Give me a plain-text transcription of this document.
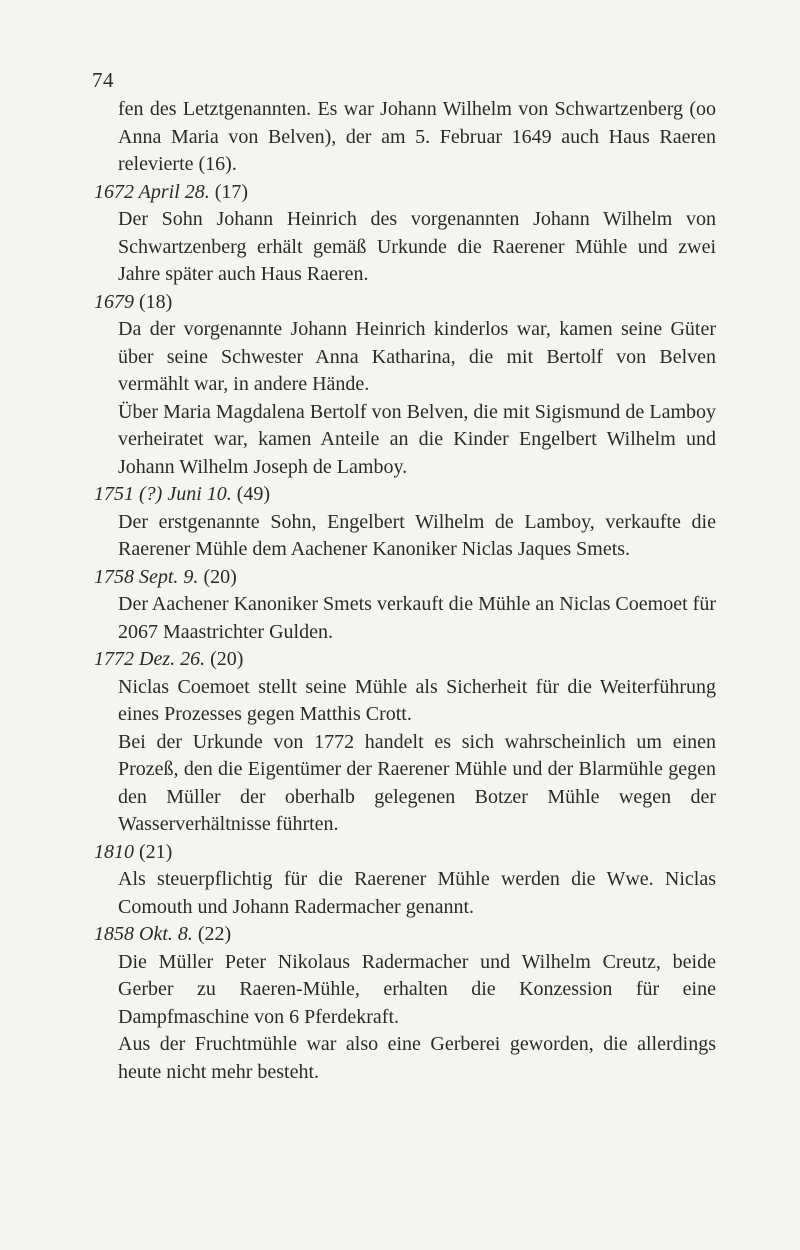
74

fen des Letztgenannten. Es war Johann Wilhelm von Schwartzenberg (oo Anna Maria von Belven), der am 5. Februar 1649 auch Haus Raeren relevierte (16).

1672 April 28. (17)

Der Sohn Johann Heinrich des vorgenannten Johann Wilhelm von Schwartzenberg erhält gemäß Urkunde die Raerener Mühle und zwei Jahre später auch Haus Raeren.

1679 (18)

Da der vorgenannte Johann Heinrich kinderlos war, kamen seine Güter über seine Schwester Anna Katharina, die mit Bertolf von Belven vermählt war, in andere Hände.

Über Maria Magdalena Bertolf von Belven, die mit Sigismund de Lamboy verheiratet war, kamen Anteile an die Kinder Engelbert Wilhelm und Johann Wilhelm Joseph de Lamboy.

1751 (?) Juni 10. (49)

Der erstgenannte Sohn, Engelbert Wilhelm de Lamboy, verkaufte die Raerener Mühle dem Aachener Kanoniker Niclas Jaques Smets.

1758 Sept. 9. (20)

Der Aachener Kanoniker Smets verkauft die Mühle an Niclas Coemoet für 2067 Maastrichter Gulden.

1772 Dez. 26. (20)

Niclas Coemoet stellt seine Mühle als Sicherheit für die Weiterführung eines Prozesses gegen Matthis Crott.

Bei der Urkunde von 1772 handelt es sich wahrscheinlich um einen Prozeß, den die Eigentümer der Raerener Mühle und der Blarmühle gegen den Müller der oberhalb gelegenen Botzer Mühle wegen der Wasserverhältnisse führten.

1810 (21)

Als steuerpflichtig für die Raerener Mühle werden die Wwe. Niclas Comouth und Johann Radermacher genannt.

1858 Okt. 8. (22)

Die Müller Peter Nikolaus Radermacher und Wilhelm Creutz, beide Gerber zu Raeren-Mühle, erhalten die Konzession für eine Dampfmaschine von 6 Pferdekraft.

Aus der Fruchtmühle war also eine Gerberei geworden, die allerdings heute nicht mehr besteht.
